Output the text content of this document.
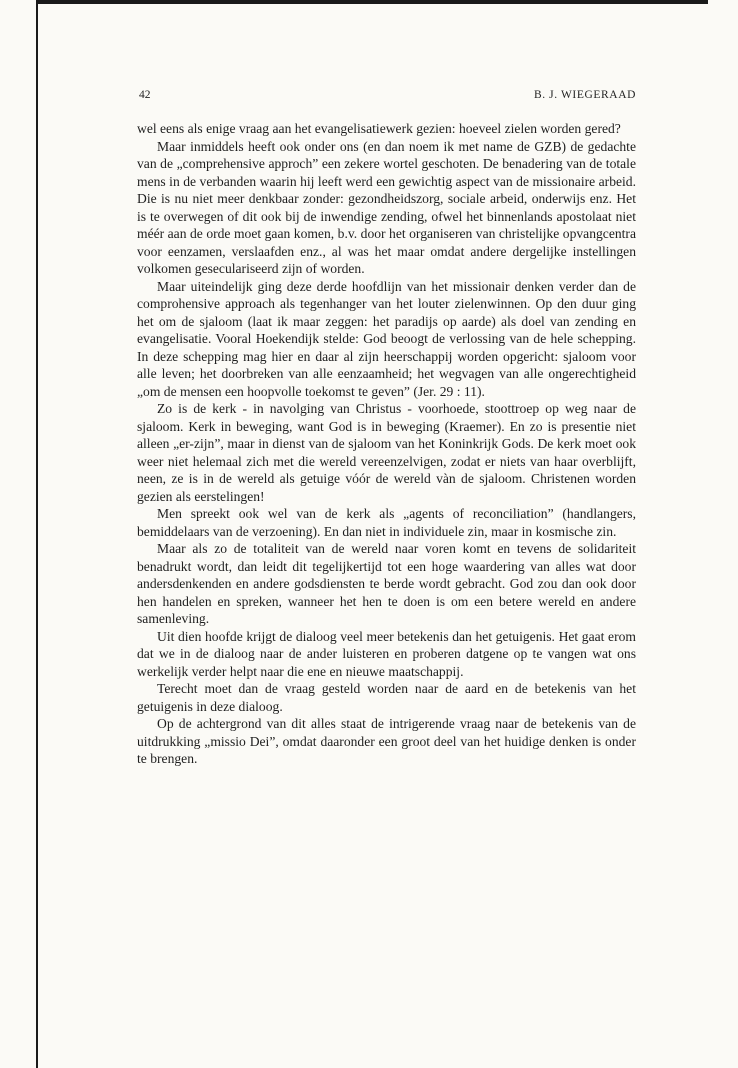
42	B. J. WIEGERAAD

wel eens als enige vraag aan het evangelisatiewerk gezien: hoeveel zielen worden gered?

Maar inmiddels heeft ook onder ons (en dan noem ik met name de GZB) de gedachte van de „comprehensive approch” een zekere wortel geschoten. De benadering van de totale mens in de verbanden waarin hij leeft werd een gewichtig aspect van de missionaire arbeid. Die is nu niet meer denkbaar zonder: gezondheidszorg, sociale arbeid, onderwijs enz. Het is te overwegen of dit ook bij de inwendige zending, ofwel het binnenlands apostolaat niet méér aan de orde moet gaan komen, b.v. door het organiseren van christelijke opvangcentra voor eenzamen, verslaafden enz., al was het maar omdat andere dergelijke instellingen volkomen geseculariseerd zijn of worden.

Maar uiteindelijk ging deze derde hoofdlijn van het missionair denken verder dan de comprohensive approach als tegenhanger van het louter zielenwinnen. Op den duur ging het om de sjaloom (laat ik maar zeggen: het paradijs op aarde) als doel van zending en evangelisatie. Vooral Hoekendijk stelde: God beoogt de verlossing van de hele schepping. In deze schepping mag hier en daar al zijn heerschappij worden opgericht: sjaloom voor alle leven; het doorbreken van alle eenzaamheid; het wegvagen van alle ongerechtigheid „om de mensen een hoopvolle toekomst te geven” (Jer. 29 : 11).

Zo is de kerk - in navolging van Christus - voorhoede, stoottroep op weg naar de sjaloom. Kerk in beweging, want God is in beweging (Kraemer). En zo is presentie niet alleen „er-zijn”, maar in dienst van de sjaloom van het Koninkrijk Gods. De kerk moet ook weer niet helemaal zich met die wereld vereenzelvigen, zodat er niets van haar overblijft, neen, ze is in de wereld als getuige vóór de wereld vàn de sjaloom. Christenen worden gezien als eerstelingen!

Men spreekt ook wel van de kerk als „agents of reconciliation” (handlangers, bemiddelaars van de verzoening). En dan niet in individuele zin, maar in kosmische zin.

Maar als zo de totaliteit van de wereld naar voren komt en tevens de solidariteit benadrukt wordt, dan leidt dit tegelijkertijd tot een hoge waardering van alles wat door andersdenkenden en andere godsdiensten te berde wordt gebracht. God zou dan ook door hen handelen en spreken, wanneer het hen te doen is om een betere wereld en andere samenleving.

Uit dien hoofde krijgt de dialoog veel meer betekenis dan het getuigenis. Het gaat erom dat we in de dialoog naar de ander luisteren en proberen datgene op te vangen wat ons werkelijk verder helpt naar die ene en nieuwe maatschappij.

Terecht moet dan de vraag gesteld worden naar de aard en de betekenis van het getuigenis in deze dialoog.

Op de achtergrond van dit alles staat de intrigerende vraag naar de betekenis van de uitdrukking „missio Dei”, omdat daaronder een groot deel van het huidige denken is onder te brengen.
